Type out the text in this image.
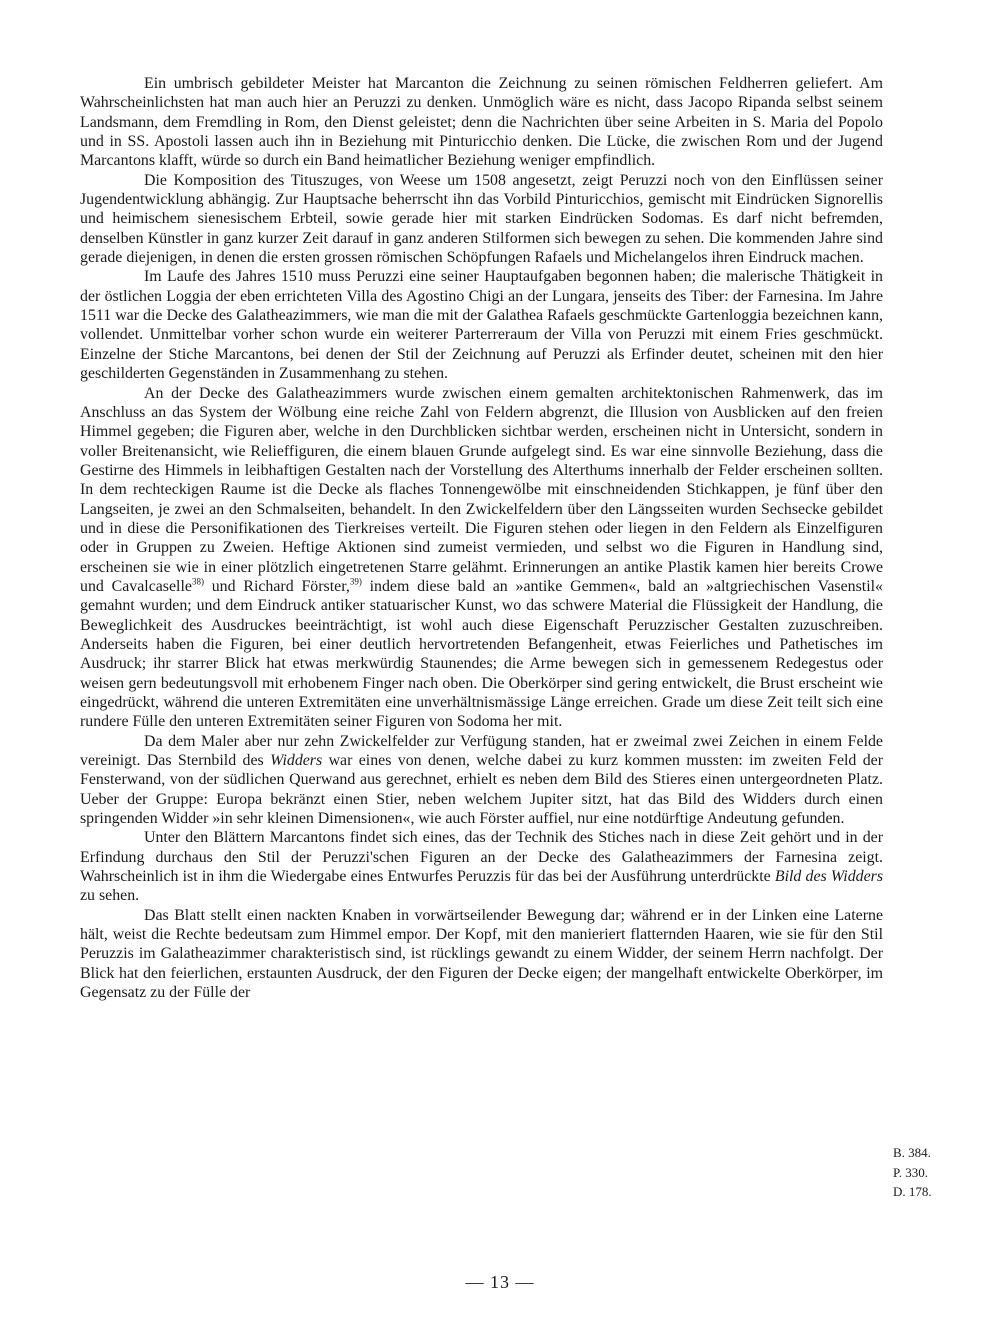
Ein umbrisch gebildeter Meister hat Marcanton die Zeichnung zu seinen römischen Feldherren geliefert. Am Wahrscheinlichsten hat man auch hier an Peruzzi zu denken. Unmöglich wäre es nicht, dass Jacopo Ripanda selbst seinem Landsmann, dem Fremdling in Rom, den Dienst geleistet; denn die Nachrichten über seine Arbeiten in S. Maria del Popolo und in SS. Apostoli lassen auch ihn in Beziehung mit Pinturicchio denken. Die Lücke, die zwischen Rom und der Jugend Marcantons klafft, würde so durch ein Band heimatlicher Beziehung weniger empfindlich.

Die Komposition des Tituszuges, von Weese um 1508 angesetzt, zeigt Peruzzi noch von den Einflüssen seiner Jugendentwicklung abhängig. Zur Hauptsache beherrscht ihn das Vorbild Pinturicchios, gemischt mit Eindrücken Signorellis und heimischem sienesischem Erbteil, sowie gerade hier mit starken Eindrücken Sodomas. Es darf nicht befremden, denselben Künstler in ganz kurzer Zeit darauf in ganz anderen Stilformen sich bewegen zu sehen. Die kommenden Jahre sind gerade diejenigen, in denen die ersten grossen römischen Schöpfungen Rafaels und Michelangelos ihren Eindruck machen.

Im Laufe des Jahres 1510 muss Peruzzi eine seiner Hauptaufgaben begonnen haben; die malerische Thätigkeit in der östlichen Loggia der eben errichteten Villa des Agostino Chigi an der Lungara, jenseits des Tiber: der Farnesina. Im Jahre 1511 war die Decke des Galatheazimmers, wie man die mit der Galathea Rafaels geschmückte Gartenloggia bezeichnen kann, vollendet. Unmittelbar vorher schon wurde ein weiterer Parterreraum der Villa von Peruzzi mit einem Fries geschmückt. Einzelne der Stiche Marcantons, bei denen der Stil der Zeichnung auf Peruzzi als Erfinder deutet, scheinen mit den hier geschilderten Gegenständen in Zusammenhang zu stehen.

An der Decke des Galatheazimmers wurde zwischen einem gemalten architektonischen Rahmenwerk, das im Anschluss an das System der Wölbung eine reiche Zahl von Feldern abgrenzt, die Illusion von Ausblicken auf den freien Himmel gegeben; die Figuren aber, welche in den Durchblicken sichtbar werden, erscheinen nicht in Untersicht, sondern in voller Breitenansicht, wie Relieffiguren, die einem blauen Grunde aufgelegt sind. Es war eine sinnvolle Beziehung, dass die Gestirne des Himmels in leibhaftigen Gestalten nach der Vorstellung des Alterthums innerhalb der Felder erscheinen sollten. In dem rechteckigen Raume ist die Decke als flaches Tonnengewölbe mit einschneidenden Stichkappen, je fünf über den Langseiten, je zwei an den Schmalseiten, behandelt. In den Zwickelfeldern über den Längsseiten wurden Sechsecke gebildet und in diese die Personifikationen des Tierkreises verteilt. Die Figuren stehen oder liegen in den Feldern als Einzelfiguren oder in Gruppen zu Zweien. Heftige Aktionen sind zumeist vermieden, und selbst wo die Figuren in Handlung sind, erscheinen sie wie in einer plötzlich eingetretenen Starre gelähmt. Erinnerungen an antike Plastik kamen hier bereits Crowe und Cavalcaselle$^{38)}$ und Richard Förster,$^{39)}$ indem diese bald an »antike Gemmen«, bald an »altgriechischen Vasenstil« gemahnt wurden; und dem Eindruck antiker statuarischer Kunst, wo das schwere Material die Flüssigkeit der Handlung, die Beweglichkeit des Ausdruckes beeinträchtigt, ist wohl auch diese Eigenschaft Peruzzischer Gestalten zuzuschreiben. Anderseits haben die Figuren, bei einer deutlich hervortretenden Befangenheit, etwas Feierliches und Pathetisches im Ausdruck; ihr starrer Blick hat etwas merkwürdig Staunendes; die Arme bewegen sich in gemessenem Redegestus oder weisen gern bedeutungsvoll mit erhobenem Finger nach oben. Die Oberkörper sind gering entwickelt, die Brust erscheint wie eingedrückt, während die unteren Extremitäten eine unverhältnismässige Länge erreichen. Grade um diese Zeit teilt sich eine rundere Fülle den unteren Extremitäten seiner Figuren von Sodoma her mit.

Da dem Maler aber nur zehn Zwickelfelder zur Verfügung standen, hat er zweimal zwei Zeichen in einem Felde vereinigt. Das Sternbild des Widders war eines von denen, welche dabei zu kurz kommen mussten: im zweiten Feld der Fensterwand, von der südlichen Querwand aus gerechnet, erhielt es neben dem Bild des Stieres einen untergeordneten Platz. Ueber der Gruppe: Europa bekränzt einen Stier, neben welchem Jupiter sitzt, hat das Bild des Widders durch einen springenden Widder »in sehr kleinen Dimensionen«, wie auch Förster auffiel, nur eine notdürftige Andeutung gefunden.

Unter den Blättern Marcantons findet sich eines, das der Technik des Stiches nach in diese Zeit gehört und in der Erfindung durchaus den Stil der Peruzzi'schen Figuren an der Decke des Galatheazimmers der Farnesina zeigt. Wahrscheinlich ist in ihm die Wiedergabe eines Entwurfes Peruzzis für das bei der Ausführung unterdrückte Bild des Widders zu sehen.

Das Blatt stellt einen nackten Knaben in vorwärtseilender Bewegung dar; während er in der Linken eine Laterne hält, weist die Rechte bedeutsam zum Himmel empor. Der Kopf, mit den manieriert flatternden Haaren, wie sie für den Stil Peruzzis im Galatheazimmer charakteristisch sind, ist rücklings gewandt zu einem Widder, der seinem Herrn nachfolgt. Der Blick hat den feierlichen, erstaunten Ausdruck, der den Figuren der Decke eigen; der mangelhaft entwickelte Oberkörper, im Gegensatz zu der Fülle der

B. 384.
P. 330.
D. 178.
— 13 —
